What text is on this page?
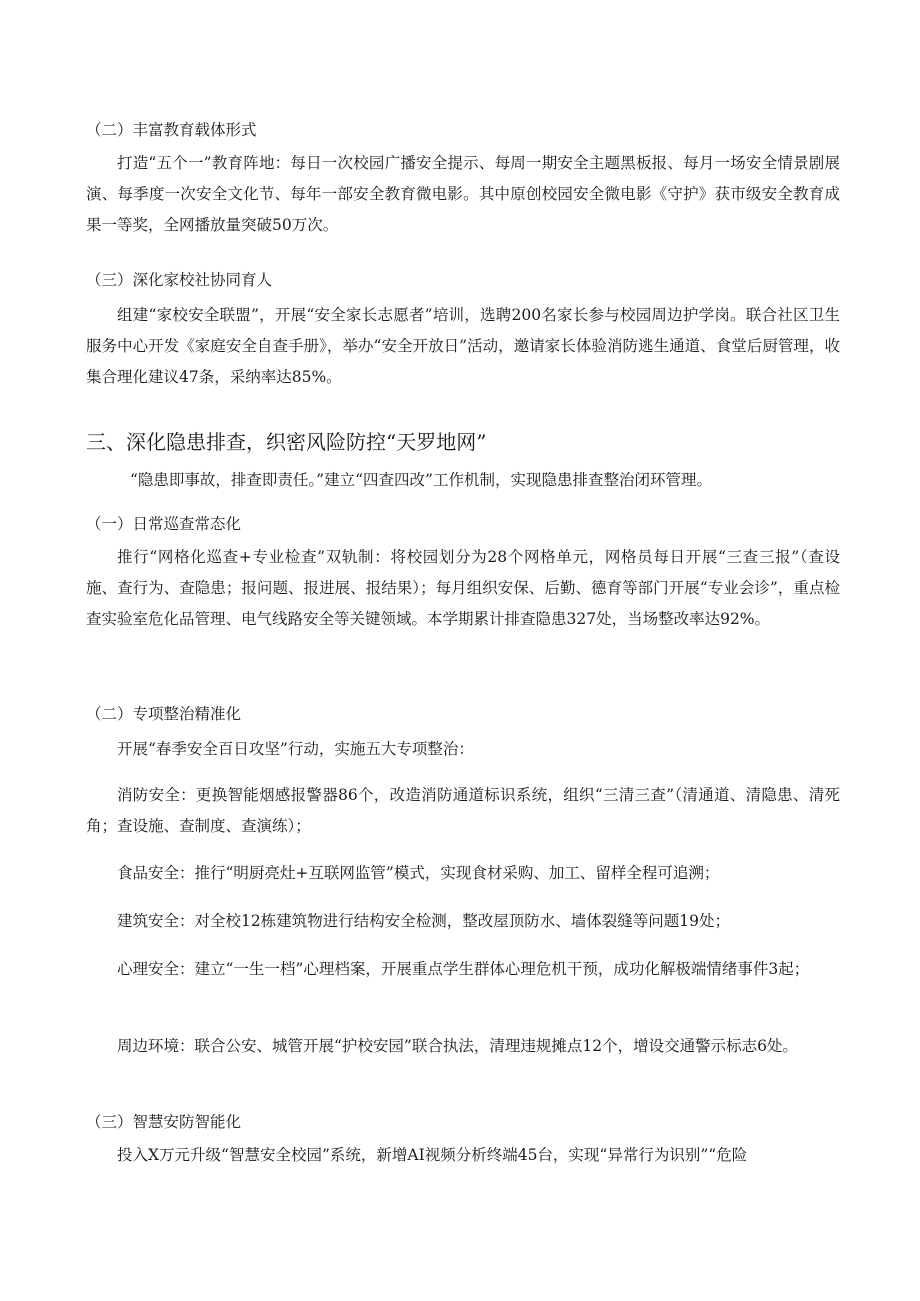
（二）丰富教育载体形式

打造“五个一”教育阵地：每日一次校园广播安全提示、每周一期安全主题黑板报、每月一场安全情景剧展演、每季度一次安全文化节、每年一部安全教育微电影。其中原创校园安全微电影《守护》获市级安全教育成果一等奖，全网播放量突破50万次。

（三）深化家校社协同育人

组建“家校安全联盟”，开展“安全家长志愿者”培训，选聘200名家长参与校园周边护学岗。联合社区卫生服务中心开发《家庭安全自查手册》，举办“安全开放日”活动，邀请家长体验消防逃生通道、食堂后厨管理，收集合理化建议47条，采纳率达85%。

三、深化隐患排查，织密风险防控“天罗地网”
“隐患即事故，排查即责任。”建立“四查四改”工作机制，实现隐患排查整治闭环管理。
（一）日常巡查常态化

推行“网格化巡查+专业检查”双轨制：将校园划分为28个网格单元，网格员每日开展“三查三报”（查设施、查行为、查隐患；报问题、报进展、报结果）；每月组织安保、后勤、德育等部门开展“专业会诊”，重点检查实验室危化品管理、电气线路安全等关键领域。本学期累计排查隐患327处，当场整改率达92%。

（二）专项整治精准化

开展“春季安全百日攻坚”行动，实施五大专项整治：

消防安全：更换智能烟感报警器86个，改造消防通道标识系统，组织“三清三查”（清通道、清隐患、清死角；查设施、查制度、查演练）；

食品安全：推行“明厨亮灶+互联网监管”模式，实现食材采购、加工、留样全程可追溯；

建筑安全：对全校12栋建筑物进行结构安全检测，整改屋顶防水、墙体裂缝等问题19处；

心理安全：建立“一生一档”心理档案，开展重点学生群体心理危机干预，成功化解极端情绪事件3起；

周边环境：联合公安、城管开展“护校安园”联合执法，清理违规摊点12个，增设交通警示标志6处。

（三）智慧安防智能化

投入X万元升级“智慧安全校园”系统，新增AI视频分析终端45台，实现“异常行为识别”“危险
